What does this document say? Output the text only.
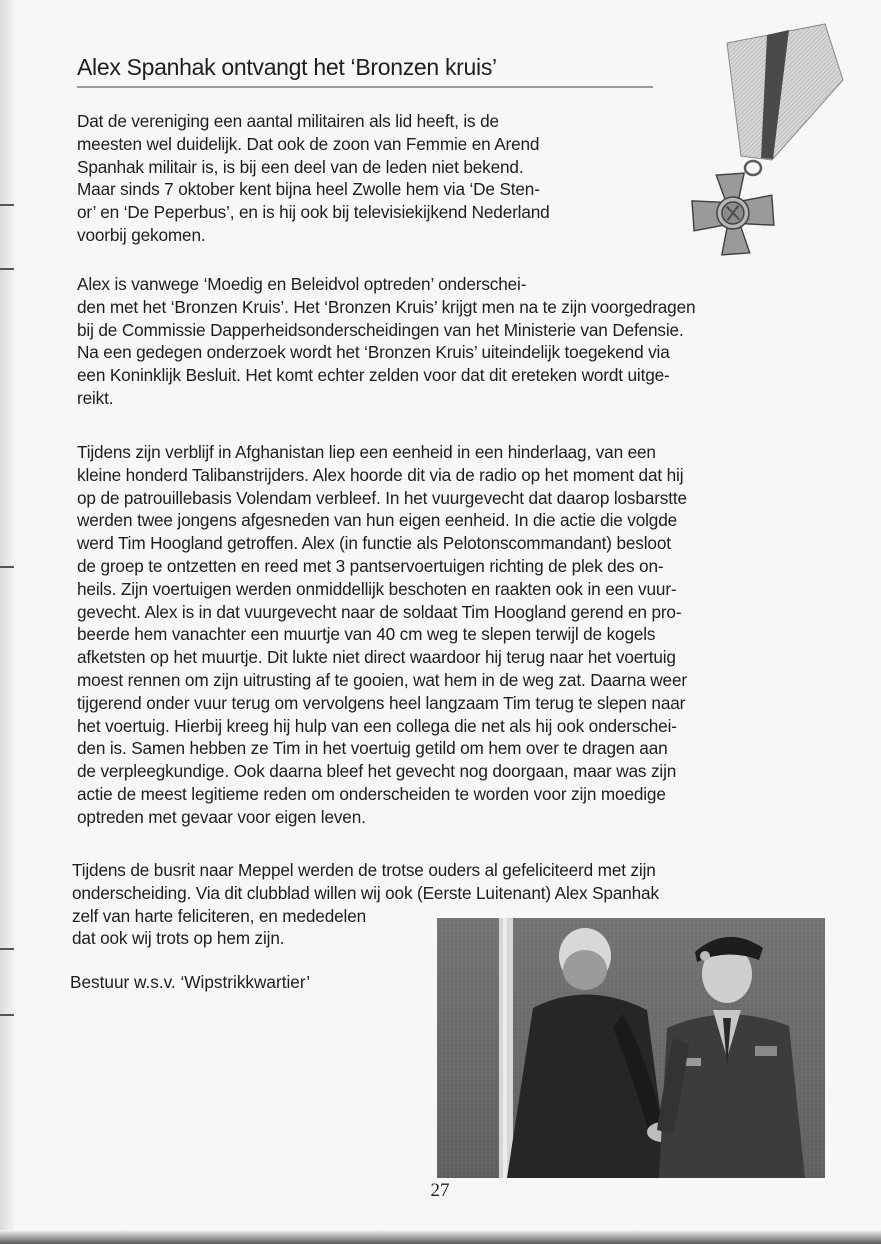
Alex Spanhak ontvangt het ‘Bronzen kruis’

Dat de vereniging een aantal militairen als lid heeft, is de
meesten wel duidelijk. Dat ook de zoon van Femmie en Arend
Spanhak militair is, is bij een deel van de leden niet bekend.
Maar sinds 7 oktober kent bijna heel Zwolle hem via ‘De Sten-
or’ en ‘De Peperbus’, en is hij ook bij televisiekijkend Nederland
voorbij gekomen.

Alex is vanwege ‘Moedig en Beleidvol optreden’ onderschei-
den met het ‘Bronzen Kruis’. Het ‘Bronzen Kruis’ krijgt men na te zijn voorgedragen
bij de Commissie Dapperheidsonderscheidingen van het Ministerie van Defensie.
Na een gedegen onderzoek wordt het ‘Bronzen Kruis’ uiteindelijk toegekend via
een Koninklijk Besluit. Het komt echter zelden voor dat dit ereteken wordt uitge-
reikt.

Tijdens zijn verblijf in Afghanistan liep een eenheid in een hinderlaag, van een
kleine honderd Talibanstrijders. Alex hoorde dit via de radio op het moment dat hij
op de patrouillebasis Volendam verbleef. In het vuurgevecht dat daarop losbarstte
werden twee jongens afgesneden van hun eigen eenheid. In die actie die volgde
werd Tim Hoogland getroffen. Alex (in functie als Pelotonscommandant) besloot
de groep te ontzetten en reed met 3 pantservoertuigen richting de plek des on-
heils. Zijn voertuigen werden onmiddellijk beschoten en raakten ook in een vuur-
gevecht. Alex is in dat vuurgevecht naar de soldaat Tim Hoogland gerend en pro-
beerde hem vanachter een muurtje van 40 cm weg te slepen terwijl de kogels
afketsten op het muurtje. Dit lukte niet direct waardoor hij terug naar het voertuig
moest rennen om zijn uitrusting af te gooien, wat hem in de weg zat. Daarna weer
tijgerend onder vuur terug om vervolgens heel langzaam Tim terug te slepen naar
het voertuig. Hierbij kreeg hij hulp van een collega die net als hij ook onderschei-
den is. Samen hebben ze Tim in het voertuig getild om hem over te dragen aan
de verpleegkundige. Ook daarna bleef het gevecht nog doorgaan, maar was zijn
actie de meest legitieme reden om onderscheiden te worden voor zijn moedige
optreden met gevaar voor eigen leven.

Tijdens de busrit naar Meppel werden de trotse ouders al gefeliciteerd met zijn
onderscheiding. Via dit clubblad willen wij ook (Eerste Luitenant) Alex Spanhak
zelf van harte feliciteren, en mededelen
dat ook wij trots op hem zijn.

Bestuur w.s.v. ‘Wipstrikkwartier’

27
